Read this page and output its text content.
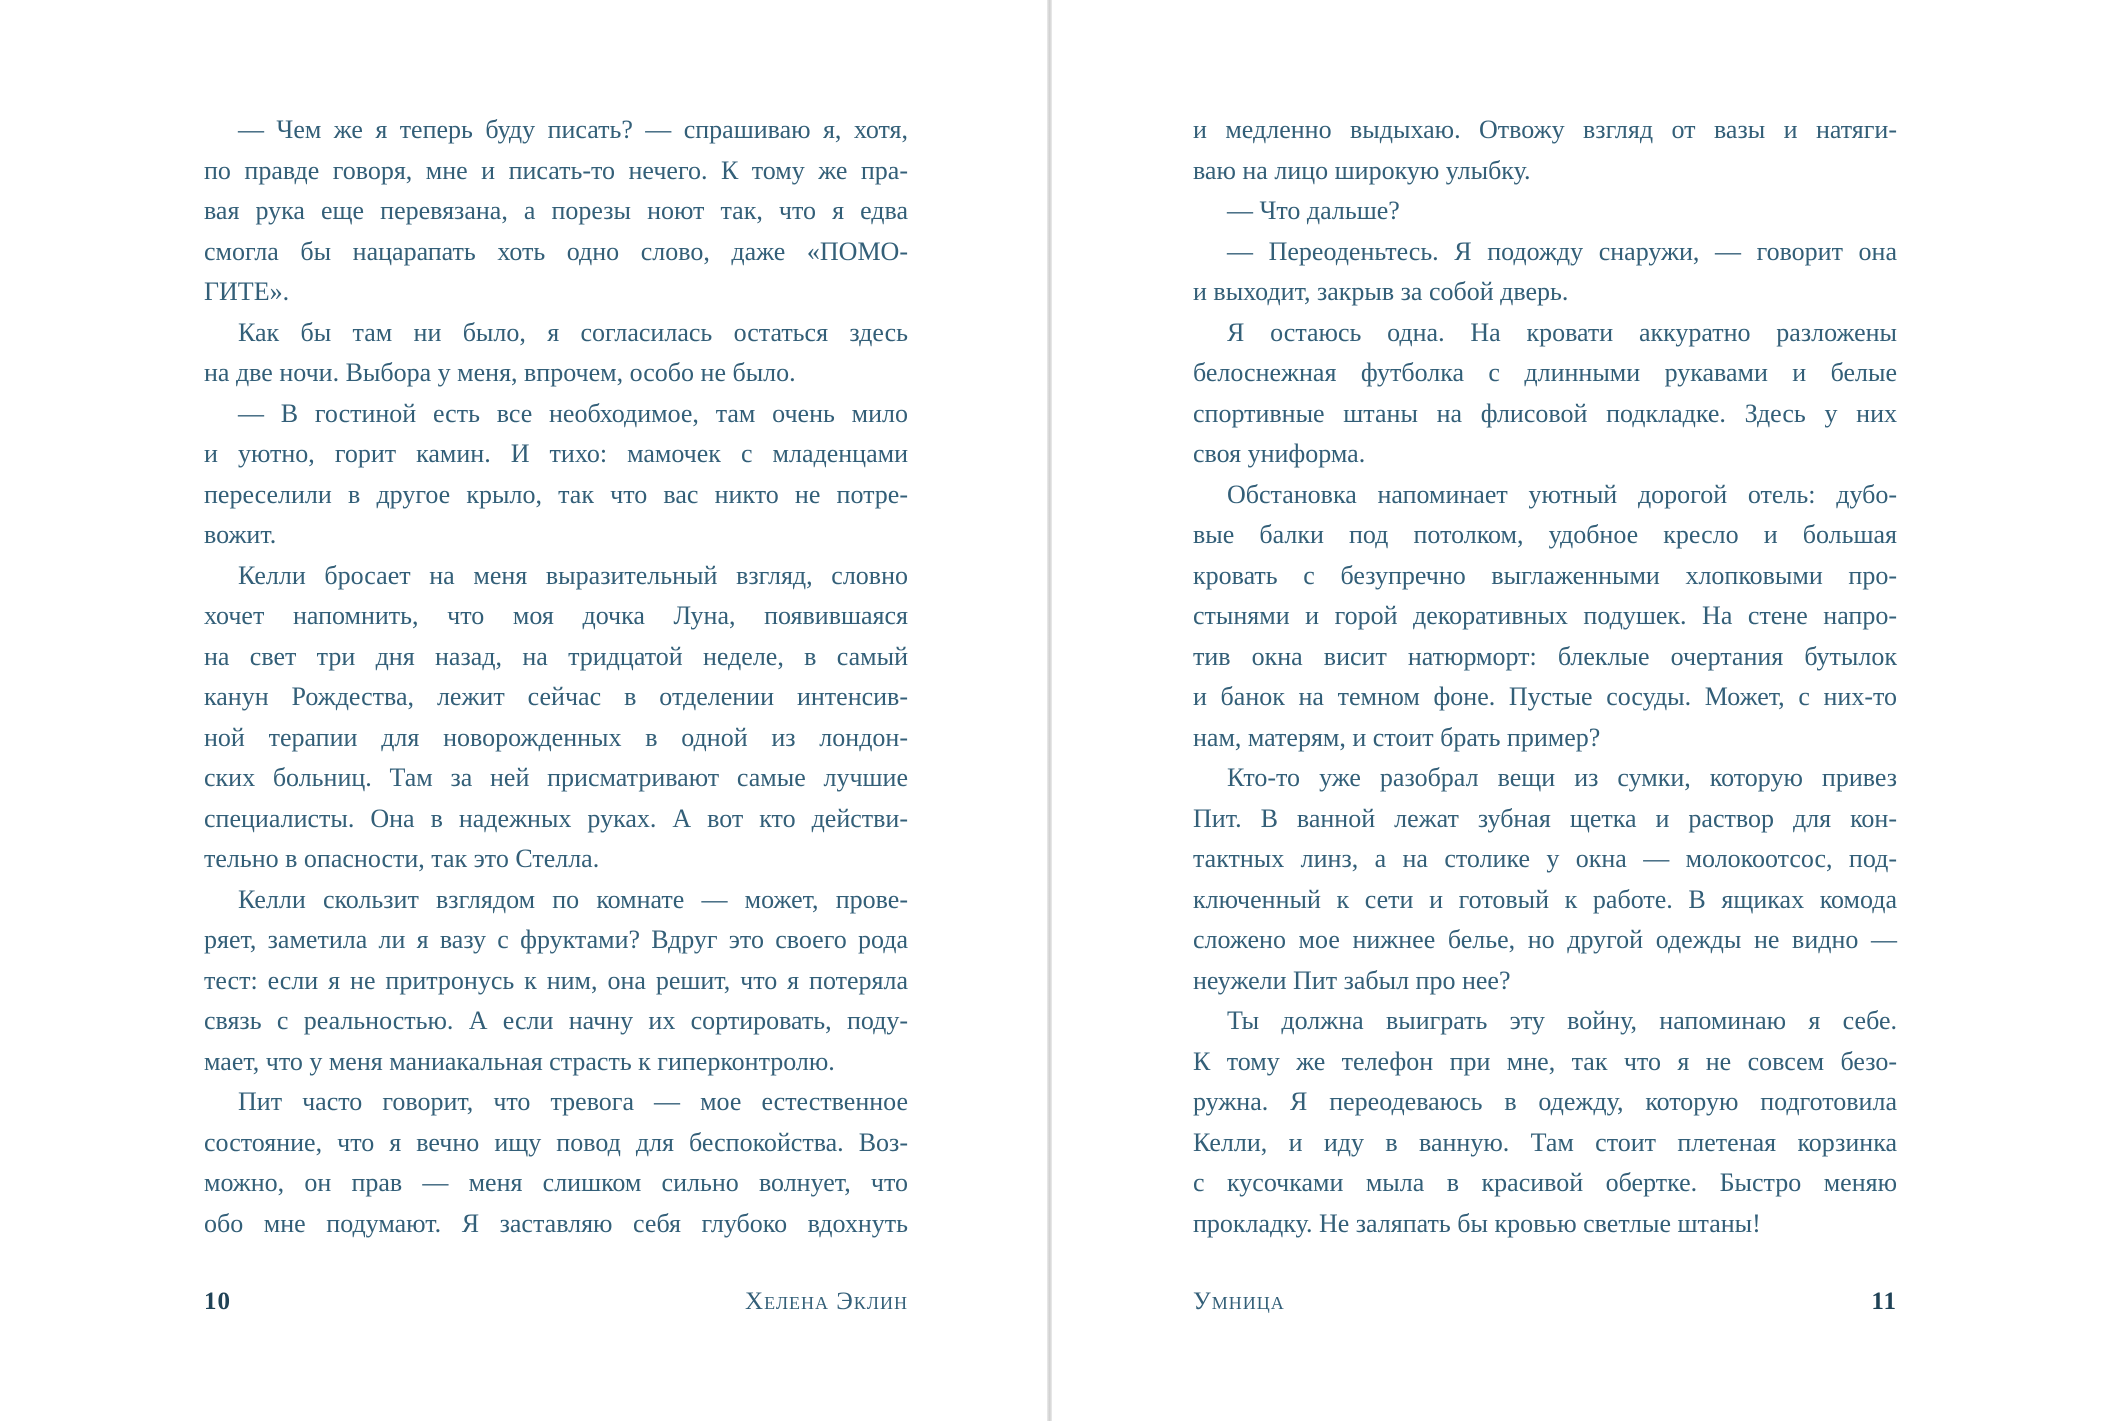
— Чем же я теперь буду писать? — спрашиваю я, хотя,
по правде говоря, мне и писать-то нечего. К тому же пра-
вая рука еще перевязана, а порезы ноют так, что я едва
смогла бы нацарапать хоть одно слово, даже «ПОМО-
ГИТЕ».
Как бы там ни было, я согласилась остаться здесь
на две ночи. Выбора у меня, впрочем, особо не было.
— В гостиной есть все необходимое, там очень мило
и уютно, горит камин. И тихо: мамочек с младенцами
переселили в другое крыло, так что вас никто не потре-
вожит.
Келли бросает на меня выразительный взгляд, словно
хочет напомнить, что моя дочка Луна, появившаяся
на свет три дня назад, на тридцатой неделе, в самый
канун Рождества, лежит сейчас в отделении интенсив-
ной терапии для новорожденных в одной из лондон-
ских больниц. Там за ней присматривают самые лучшие
специалисты. Она в надежных руках. А вот кто действи-
тельно в опасности, так это Стелла.
Келли скользит взглядом по комнате — может, прове-
ряет, заметила ли я вазу с фруктами? Вдруг это своего рода
тест: если я не притронусь к ним, она решит, что я потеряла
связь с реальностью. А если начну их сортировать, поду-
мает, что у меня маниакальная страсть к гиперконтролю.
Пит часто говорит, что тревога — мое естественное
состояние, что я вечно ищу повод для беспокойства. Воз-
можно, он прав — меня слишком сильно волнует, что
обо мне подумают. Я заставляю себя глубоко вдохнуть
10	Хелена Эклин
и медленно выдыхаю. Отвожу взгляд от вазы и натяги-
ваю на лицо широкую улыбку.
— Что дальше?
— Переоденьтесь. Я подожду снаружи, — говорит она
и выходит, закрыв за собой дверь.
Я остаюсь одна. На кровати аккуратно разложены
белоснежная футболка с длинными рукавами и белые
спортивные штаны на флисовой подкладке. Здесь у них
своя униформа.
Обстановка напоминает уютный дорогой отель: дубо-
вые балки под потолком, удобное кресло и большая
кровать с безупречно выглаженными хлопковыми про-
стынями и горой декоративных подушек. На стене напро-
тив окна висит натюрморт: блеклые очертания бутылок
и банок на темном фоне. Пустые сосуды. Может, с них-то
нам, матерям, и стоит брать пример?
Кто-то уже разобрал вещи из сумки, которую привез
Пит. В ванной лежат зубная щетка и раствор для кон-
тактных линз, а на столике у окна — молокоотсос, под-
ключенный к сети и готовый к работе. В ящиках комода
сложено мое нижнее белье, но другой одежды не видно —
неужели Пит забыл про нее?
Ты должна выиграть эту войну, напоминаю я себе.
К тому же телефон при мне, так что я не совсем безо-
ружна. Я переодеваюсь в одежду, которую подготовила
Келли, и иду в ванную. Там стоит плетеная корзинка
с кусочками мыла в красивой обертке. Быстро меняю
прокладку. Не заляпать бы кровью светлые штаны!
Умница	11
